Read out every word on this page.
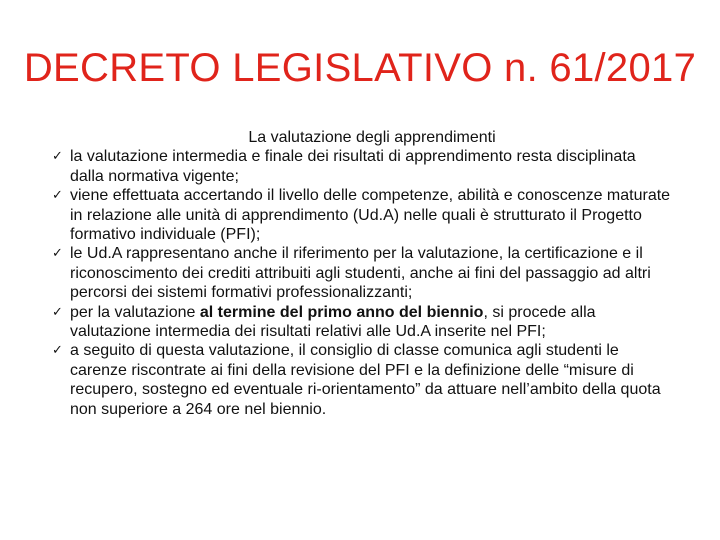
DECRETO LEGISLATIVO n. 61/2017

La valutazione degli apprendimenti

✓ la valutazione intermedia e finale dei risultati di apprendimento resta disciplinata dalla normativa vigente;
✓ viene effettuata accertando il livello delle competenze, abilità e conoscenze maturate in relazione alle unità di apprendimento (Ud.A) nelle quali è strutturato il Progetto formativo individuale (PFI);
✓ le Ud.A rappresentano anche il riferimento per la valutazione, la certificazione e il riconoscimento dei crediti attribuiti agli studenti, anche ai fini del passaggio ad altri percorsi dei sistemi formativi professionalizzanti;
✓ per la valutazione al termine del primo anno del biennio, si procede alla valutazione intermedia dei risultati relativi alle Ud.A inserite nel PFI;
✓ a seguito di questa valutazione, il consiglio di classe comunica agli studenti le carenze riscontrate ai fini della revisione del PFI e la definizione delle “misure di recupero, sostegno ed eventuale ri-orientamento” da attuare nell’ambito della quota non superiore a 264 ore nel biennio.
